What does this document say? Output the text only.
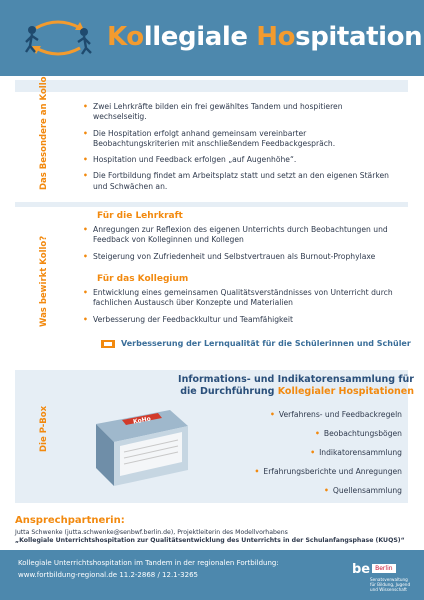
Kollegiale Hospitation
Das Besondere an Kollo
•	Zwei Lehrkräfte bilden ein frei gewähltes Tandem und hospitieren wechselseitig.
• Die Hospitation erfolgt anhand gemeinsam vereinbarter Beobachtungskriterien mit anschließendem Feedbackgespräch.
• Hospitation und Feedback erfolgen „auf Augenhöhe“.
• Die Fortbildung findet am Arbeitsplatz statt und setzt an den eigenen Stärken und Schwächen an.
Was bewirkt Kollo?
Für die Lehrkraft
• Anregungen zur Reflexion des eigenen Unterrichts durch Beobachtungen und Feedback von Kolleginnen und Kollegen
• Steigerung von Zufriedenheit und Selbstvertrauen als Burnout-Prophylaxe
Für das Kollegium
• Entwicklung eines gemeinsamen Qualitätsverständnisses von Unterricht durch fachlichen Austausch über Konzepte und Materialien
• Verbesserung der Feedbackkultur und Teamfähigkeit
Verbesserung der Lernqualität für die Schülerinnen und Schüler
Die P-Box
Informations- und Indikatorensammlung für
die Durchführung Kollegialer Hospitationen
KoHo
• Verfahrens- und Feedbackregeln
• Beobachtungsbögen
• Indikatorensammlung
• Erfahrungsberichte und Anregungen
• Quellensammlung
Ansprechpartnerin:
Jutta Schwenke (jutta.schwenke@senbwf.berlin.de), Projektleiterin des Modellvorhabens
„Kollegiale Unterrichtshospitation zur Qualitätsentwicklung des Unterrichts in der Schulanfangsphase (KUQS)“
Kollegiale Unterrichtshospitation im Tandem in der regionalen Fortbildung:
www.fortbildung-regional.de 11.2-2868 / 12.1-3265	be Berlin
Senatsverwaltung
für Bildung, Jugend
und Wissenschaft
